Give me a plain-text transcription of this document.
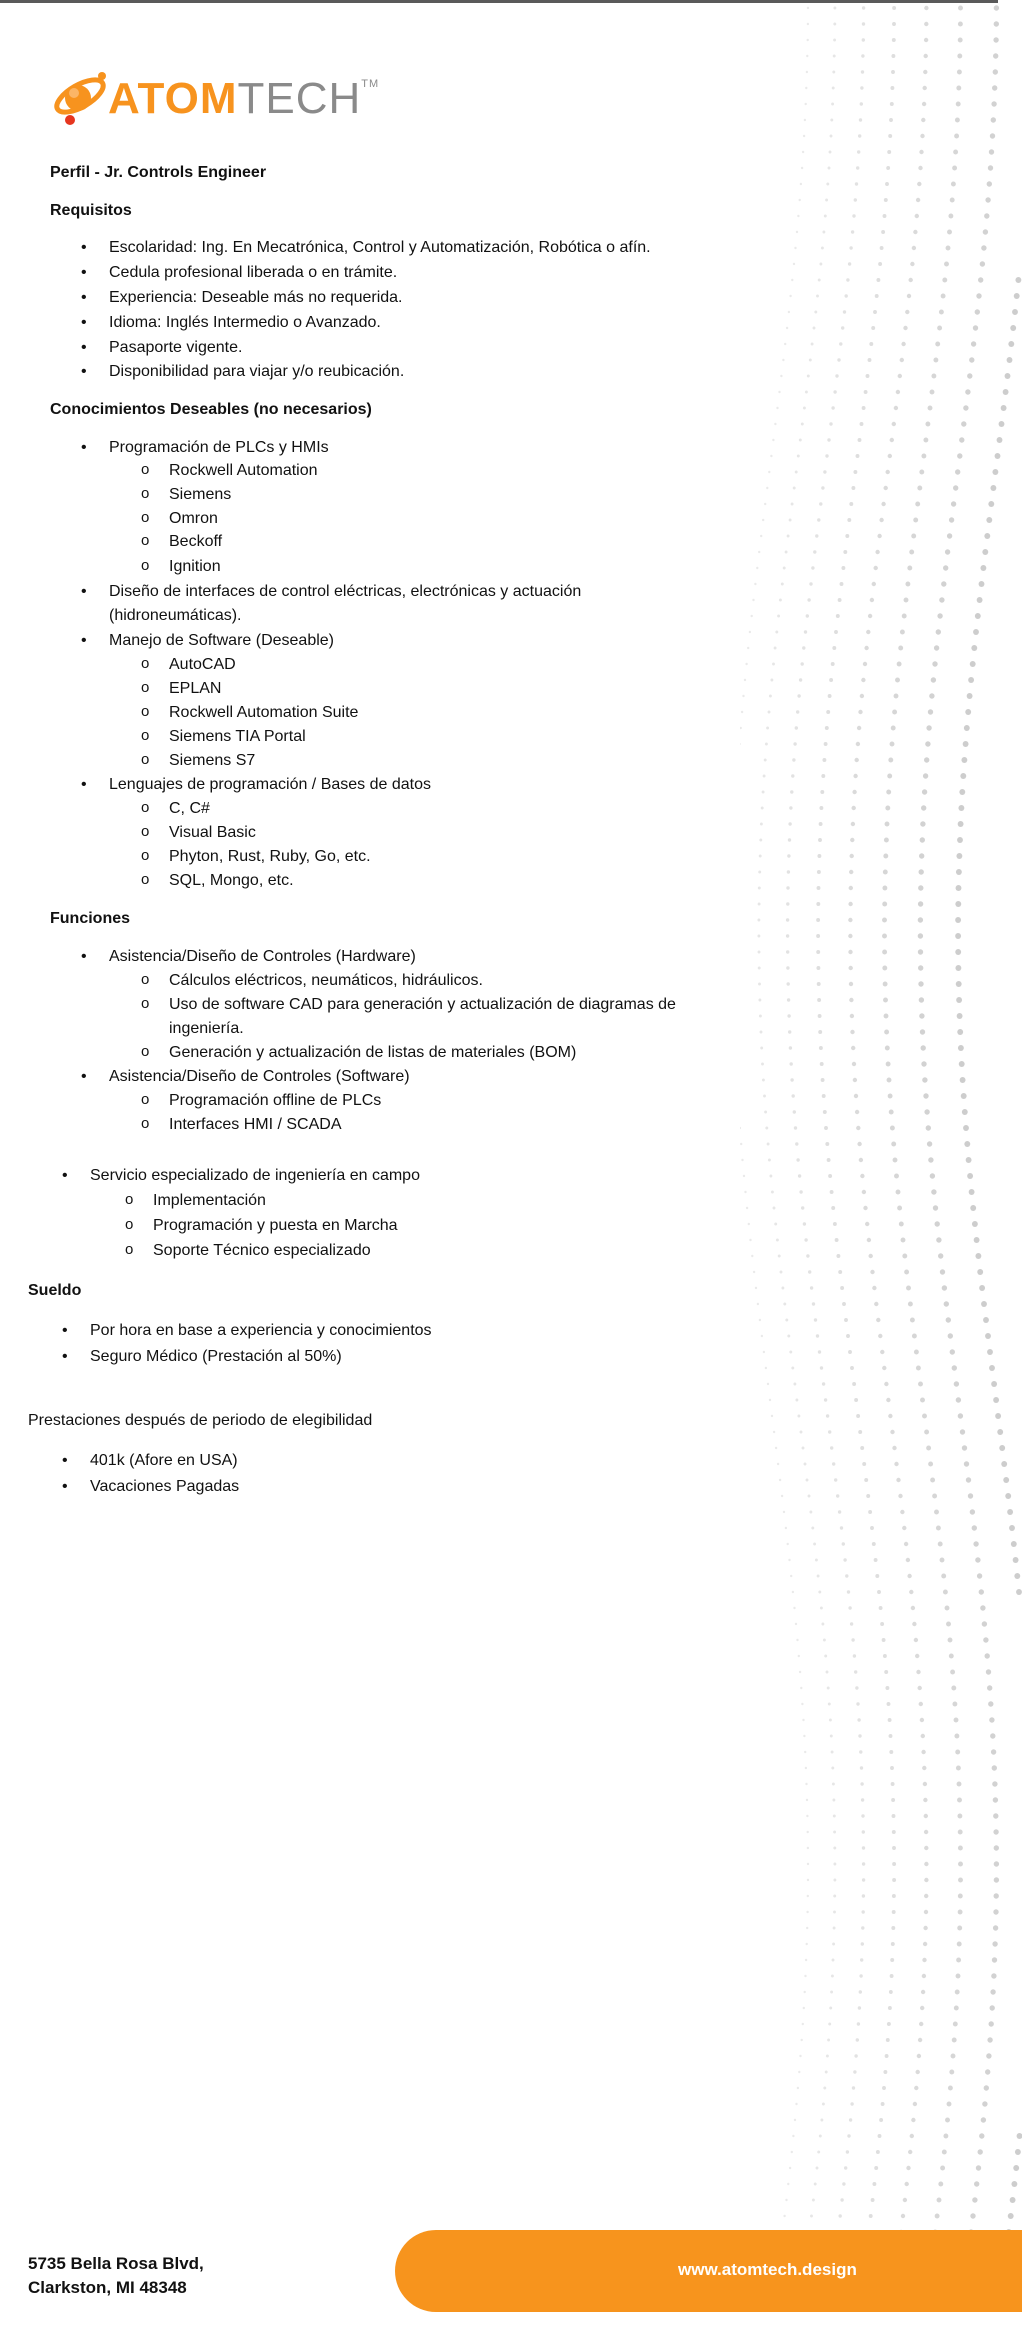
ATOMTECH™
Perfil - Jr. Controls Engineer
Requisitos
• Escolaridad: Ing. En Mecatrónica, Control y Automatización, Robótica o afín.
• Cedula profesional liberada o en trámite.
• Experiencia: Deseable más no requerida.
• Idioma: Inglés Intermedio o Avanzado.
• Pasaporte vigente.
• Disponibilidad para viajar y/o reubicación.
Conocimientos Deseables (no necesarios)
• Programación de PLCs y HMIs
o Rockwell Automation
o Siemens
o Omron
o Beckoff
o Ignition
• Diseño de interfaces de control eléctricas, electrónicas y actuación
(hidroneumáticas).
• Manejo de Software (Deseable)
o AutoCAD
o EPLAN
o Rockwell Automation Suite
o Siemens TIA Portal
o Siemens S7
• Lenguajes de programación / Bases de datos
o C, C#
o Visual Basic
o Phyton, Rust, Ruby, Go, etc.
o SQL, Mongo, etc.
Funciones
• Asistencia/Diseño de Controles (Hardware)
o Cálculos eléctricos, neumáticos, hidráulicos.
o Uso de software CAD para generación y actualización de diagramas de
ingeniería.
o Generación y actualización de listas de materiales (BOM)
• Asistencia/Diseño de Controles (Software)
o Programación offline de PLCs
o Interfaces HMI / SCADA
• Servicio especializado de ingeniería en campo
o Implementación
o Programación y puesta en Marcha
o Soporte Técnico especializado
Sueldo
• Por hora en base a experiencia y conocimientos
• Seguro Médico (Prestación al 50%)
Prestaciones después de periodo de elegibilidad
• 401k (Afore en USA)
• Vacaciones Pagadas
www.atomtech.design
5735 Bella Rosa Blvd,
Clarkston, MI 48348
